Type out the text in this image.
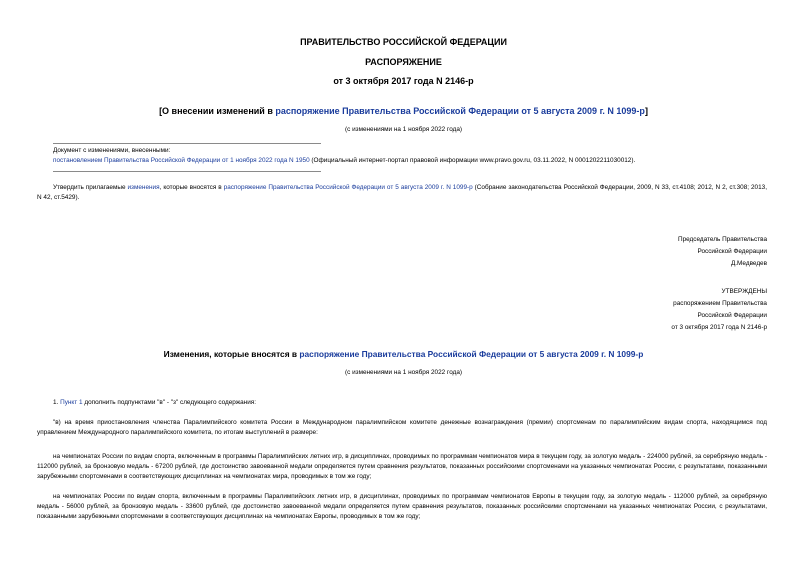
ПРАВИТЕЛЬСТВО РОССИЙСКОЙ ФЕДЕРАЦИИ
РАСПОРЯЖЕНИЕ
от 3 октября 2017 года N 2146-р
[О внесении изменений в распоряжение Правительства Российской Федерации от 5 августа 2009 г. N 1099-р]
(с изменениями на 1 ноября 2022 года)
Документ с изменениями, внесенными:
постановлением Правительства Российской Федерации от 1 ноября 2022 года N 1950 (Официальный интернет-портал правовой информации www.pravo.gov.ru, 03.11.2022, N 0001202211030012).
Утвердить прилагаемые изменения, которые вносятся в распоряжение Правительства Российской Федерации от 5 августа 2009 г. N 1099-р (Собрание законодательства Российской Федерации, 2009, N 33, ст.4108; 2012, N 2, ст.308; 2013, N 42, ст.5429).
Председатель Правительства
Российской Федерации
Д.Медведев
УТВЕРЖДЕНЫ
распоряжением Правительства
Российской Федерации
от 3 октября 2017 года N 2146-р
Изменения, которые вносятся в распоряжение Правительства Российской Федерации от 5 августа 2009 г. N 1099-р
(с изменениями на 1 ноября 2022 года)
1. Пункт 1 дополнить подпунктами "в" - "з" следующего содержания:
"в) на время приостановления членства Паралимпийского комитета России в Международном паралимпийском комитете денежные вознаграждения (премии) спортсменам по паралимпийским видам спорта, находящимся под управлением Международного паралимпийского комитета, по итогам выступлений в размере:
на чемпионатах России по видам спорта, включенным в программы Паралимпийских летних игр, в дисциплинах, проводимых по программам чемпионатов мира в текущем году, за золотую медаль - 224000 рублей, за серебряную медаль - 112000 рублей, за бронзовую медаль - 67200 рублей, где достоинство завоеванной медали определяется путем сравнения результатов, показанных российскими спортсменами на указанных чемпионатах России, с результатами, показанными зарубежными спортсменами в соответствующих дисциплинах на чемпионатах мира, проводимых в том же году;
на чемпионатах России по видам спорта, включенным в программы Паралимпийских летних игр, в дисциплинах, проводимых по программам чемпионатов Европы в текущем году, за золотую медаль - 112000 рублей, за серебряную медаль - 56000 рублей, за бронзовую медаль - 33600 рублей, где достоинство завоеванной медали определяется путем сравнения результатов, показанных российскими спортсменами на указанных чемпионатах России, с результатами, показанными зарубежными спортсменами в соответствующих дисциплинах на чемпионатах Европы, проводимых в том же году;
